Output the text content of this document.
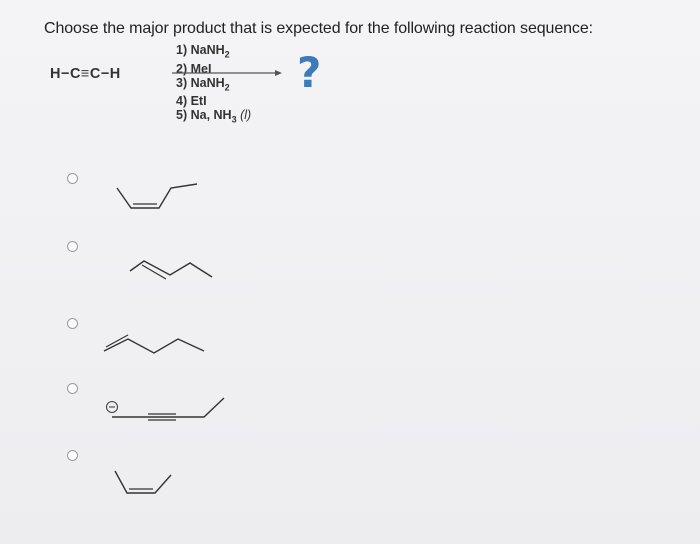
Choose the major product that is expected for the following reaction sequence:
H−C≡C−H
1) NaNH$_2$
2) MeI
3) NaNH$_2$
4) EtI
5) Na, $NH_3$ (l)
?
